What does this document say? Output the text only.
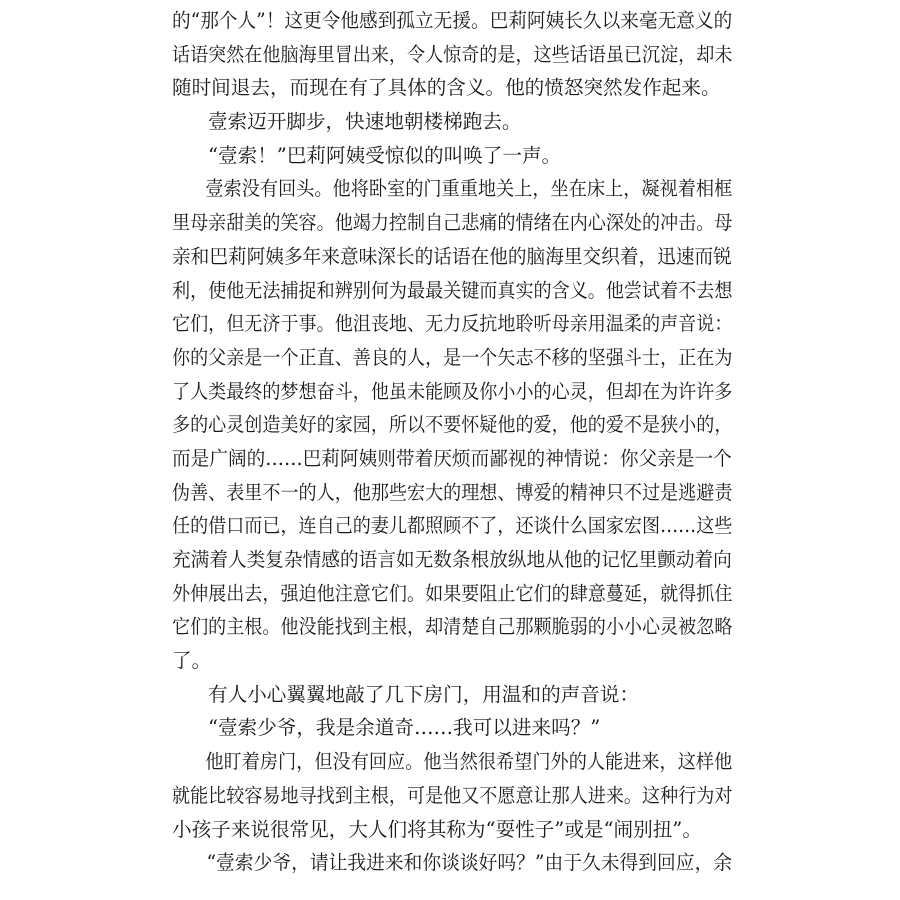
的“那个人”！这更令他感到孤立无援。巴莉阿姨长久以来毫无意义的
话语突然在他脑海里冒出来，令人惊奇的是，这些话语虽已沉淀，却未
随时间退去，而现在有了具体的含义。他的愤怒突然发作起来。
壹索迈开脚步，快速地朝楼梯跑去。
“壹索！”巴莉阿姨受惊似的叫唤了一声。
壹索没有回头。他将卧室的门重重地关上，坐在床上，凝视着相框
里母亲甜美的笑容。他竭力控制自己悲痛的情绪在内心深处的冲击。母
亲和巴莉阿姨多年来意味深长的话语在他的脑海里交织着，迅速而锐
利，使他无法捕捉和辨别何为最最关键而真实的含义。他尝试着不去想
它们，但无济于事。他沮丧地、无力反抗地聆听母亲用温柔的声音说：
你的父亲是一个正直、善良的人，是一个矢志不移的坚强斗士，正在为
了人类最终的梦想奋斗，他虽未能顾及你小小的心灵，但却在为许许多
多的心灵创造美好的家园，所以不要怀疑他的爱，他的爱不是狭小的，
而是广阔的……巴莉阿姨则带着厌烦而鄙视的神情说：你父亲是一个
伪善、表里不一的人，他那些宏大的理想、博爱的精神只不过是逃避责
任的借口而已，连自己的妻儿都照顾不了，还谈什么国家宏图……这些
充满着人类复杂情感的语言如无数条根放纵地从他的记忆里颤动着向
外伸展出去，强迫他注意它们。如果要阻止它们的肆意蔓延，就得抓住
它们的主根。他没能找到主根，却清楚自己那颗脆弱的小小心灵被忽略
了。
有人小心翼翼地敲了几下房门，用温和的声音说：
“壹索少爷，我是余道奇……我可以进来吗？”
他盯着房门，但没有回应。他当然很希望门外的人能进来，这样他
就能比较容易地寻找到主根，可是他又不愿意让那人进来。这种行为对
小孩子来说很常见，大人们将其称为“耍性子”或是“闹别扭”。
“壹索少爷，请让我进来和你谈谈好吗？”由于久未得到回应，余
